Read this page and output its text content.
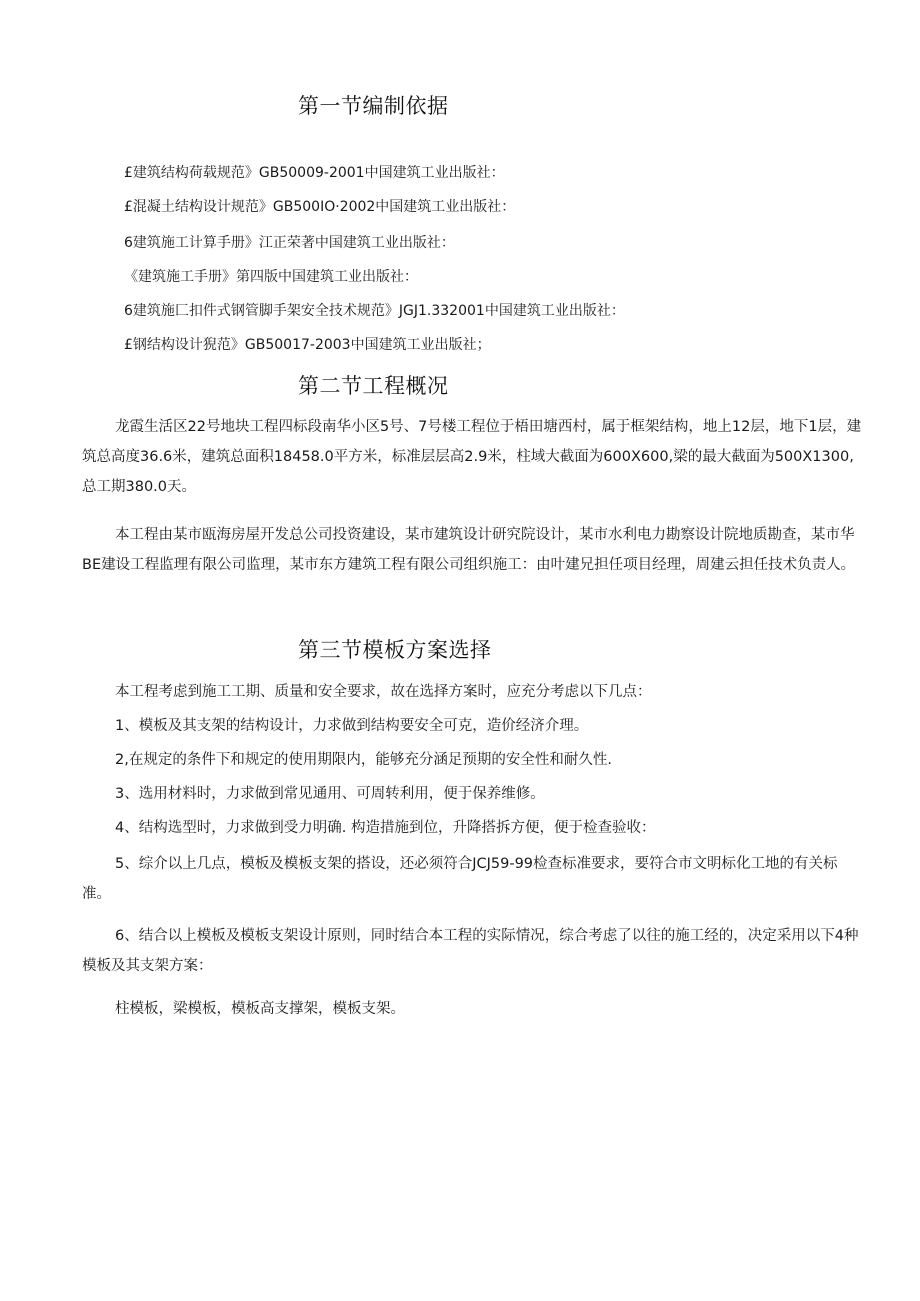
第一节编制依据

£建筑结构荷载规范》GB50009-2001中国建筑工业出版社：

£混凝土结构设计规范》GB500IO·2002中国建筑工业出版社：

6建筑施工计算手册》江正荣著中国建筑工业出版社：

《建筑施工手册》第四版中国建筑工业出版社：

6建筑施匚扣件式钢管脚手架安全技术规范》JGJ1.332001中国建筑工业出版社：

£钢结构设计猊范》GB50017-2003中国建筑工业出版社；

第二节工程概况

龙霞生活区22号地块工程四标段南华小区5号、7号楼工程位于梧田塘西村，属于框架结构，地上12层，地下1层，建筑总高度36.6米，建筑总面积18458.0平方米，标准层层高2.9米，柱域大截面为600X600,梁的最大截面为500X1300,总工期380.0天。

本工程由某市瓯海房屋开发总公司投资建设，某市建筑设计研究院设计，某市水利电力勘察设计院地质勘查，某市华BE建设工程监理有限公司监理，某市东方建筑工程有限公司组织施工：由叶建兄担任项目经理，周建云担任技术负责人。

第三节模板方案选择

本工程考虑到施工工期、质量和安全要求，故在选择方案时，应充分考虑以下几点：

1、模板及其支架的结构设计，力求做到结构要安全可克，造价经济介理。

2,在规定的条件下和规定的使用期限内，能够充分涵足预期的安全性和耐久性.

3、选用材料时，力求做到常见通用、可周转利用，便于保养维修。

4、结构选型时，力求做到受力明确. 构造措施到位，升降搭拆方便，便于检查验收：

5、综介以上几点，模板及模板支架的搭设，还必须符合JCJ59-99检查标准要求，要符合市文明标化工地的有关标准。

6、结合以上模板及模板支架设计原则，同时结合本工程的实际情况，综合考虑了以往的施工经的，决定采用以下4种模板及其支架方案：

柱模板，梁模板，模板高支撑架，模板支架。
